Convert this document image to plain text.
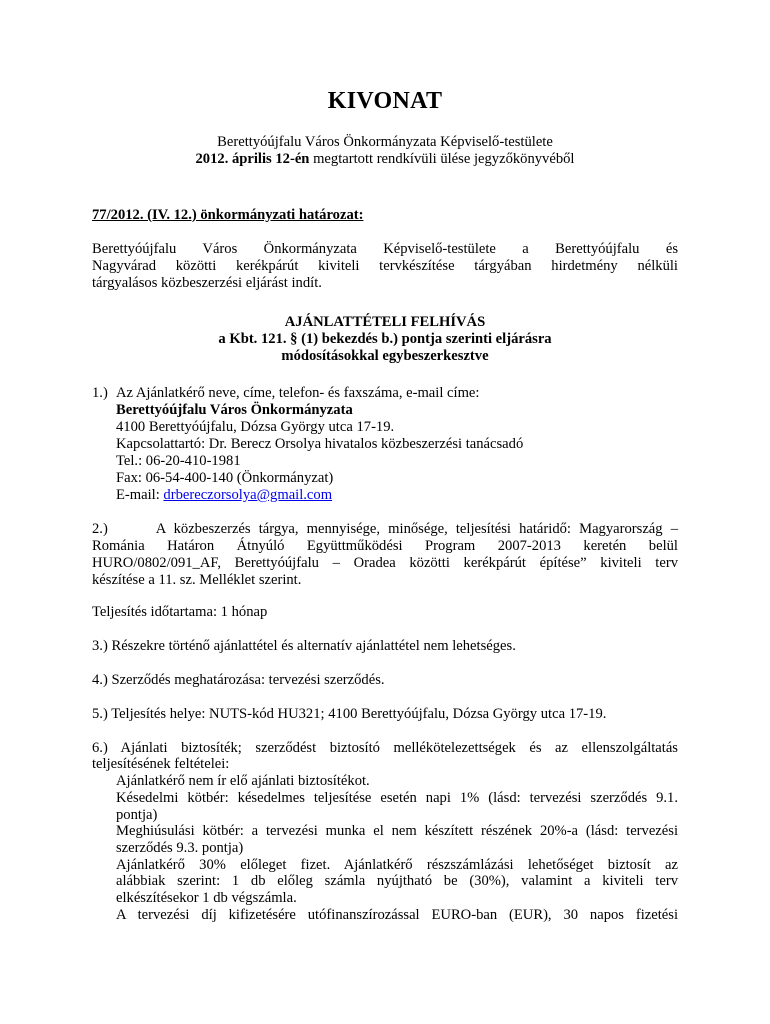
KIVONAT
Berettyóújfalu Város Önkormányzata Képviselő-testülete
2012. április 12-én megtartott rendkívüli ülése jegyzőkönyvéből
77/2012. (IV. 12.) önkormányzati határozat:
Berettyóújfalu Város Önkormányzata Képviselő-testülete a Berettyóújfalu és
Nagyvárad közötti kerékpárút kiviteli tervkészítése tárgyában hirdetmény nélküli
tárgyalásos közbeszerzési eljárást indít.
AJÁNLATTÉTELI FELHÍVÁS
a Kbt. 121. § (1) bekezdés b.) pontja szerinti eljárásra
módosításokkal egybeszerkesztve
1.) Az Ajánlatkérő neve, címe, telefon- és faxszáma, e-mail címe:
Berettyóújfalu Város Önkormányzata
4100 Berettyóújfalu, Dózsa György utca 17-19.
Kapcsolattartó: Dr. Berecz Orsolya hivatalos közbeszerzési tanácsadó
Tel.: 06-20-410-1981
Fax: 06-54-400-140 (Önkormányzat)
E-mail: drbereczorsolya@gmail.com
2.)      A közbeszerzés tárgya, mennyisége, minősége, teljesítési határidő: Magyarország –
Románia Határon Átnyúló Együttműködési Program 2007-2013 keretén belül
HURO/0802/091_AF, Berettyóújfalu – Oradea közötti kerékpárút építése” kiviteli terv
készítése a 11. sz. Melléklet szerint.
Teljesítés időtartama: 1 hónap
3.) Részekre történő ajánlattétel és alternatív ajánlattétel nem lehetséges.
4.) Szerződés meghatározása: tervezési szerződés.
5.) Teljesítés helye: NUTS-kód HU321; 4100 Berettyóújfalu, Dózsa György utca 17-19.
6.) Ajánlati biztosíték; szerződést biztosító mellékötelezettségek és az ellenszolgáltatás
teljesítésének feltételei:
Ajánlatkérő nem ír elő ajánlati biztosítékot.
Késedelmi kötbér: késedelmes teljesítése esetén napi 1% (lásd: tervezési szerződés 9.1.
pontja)
Meghiúsulási kötbér: a tervezési munka el nem készített részének 20%-a (lásd: tervezési
szerződés 9.3. pontja)
Ajánlatkérő 30% előleget fizet. Ajánlatkérő részszámlázási lehetőséget biztosít az
alábbiak szerint: 1 db előleg számla nyújtható be (30%), valamint a kiviteli terv
elkészítésekor 1 db végszámla.
A tervezési díj kifizetésére utófinanszírozással EURO-ban (EUR), 30 napos fizetési
